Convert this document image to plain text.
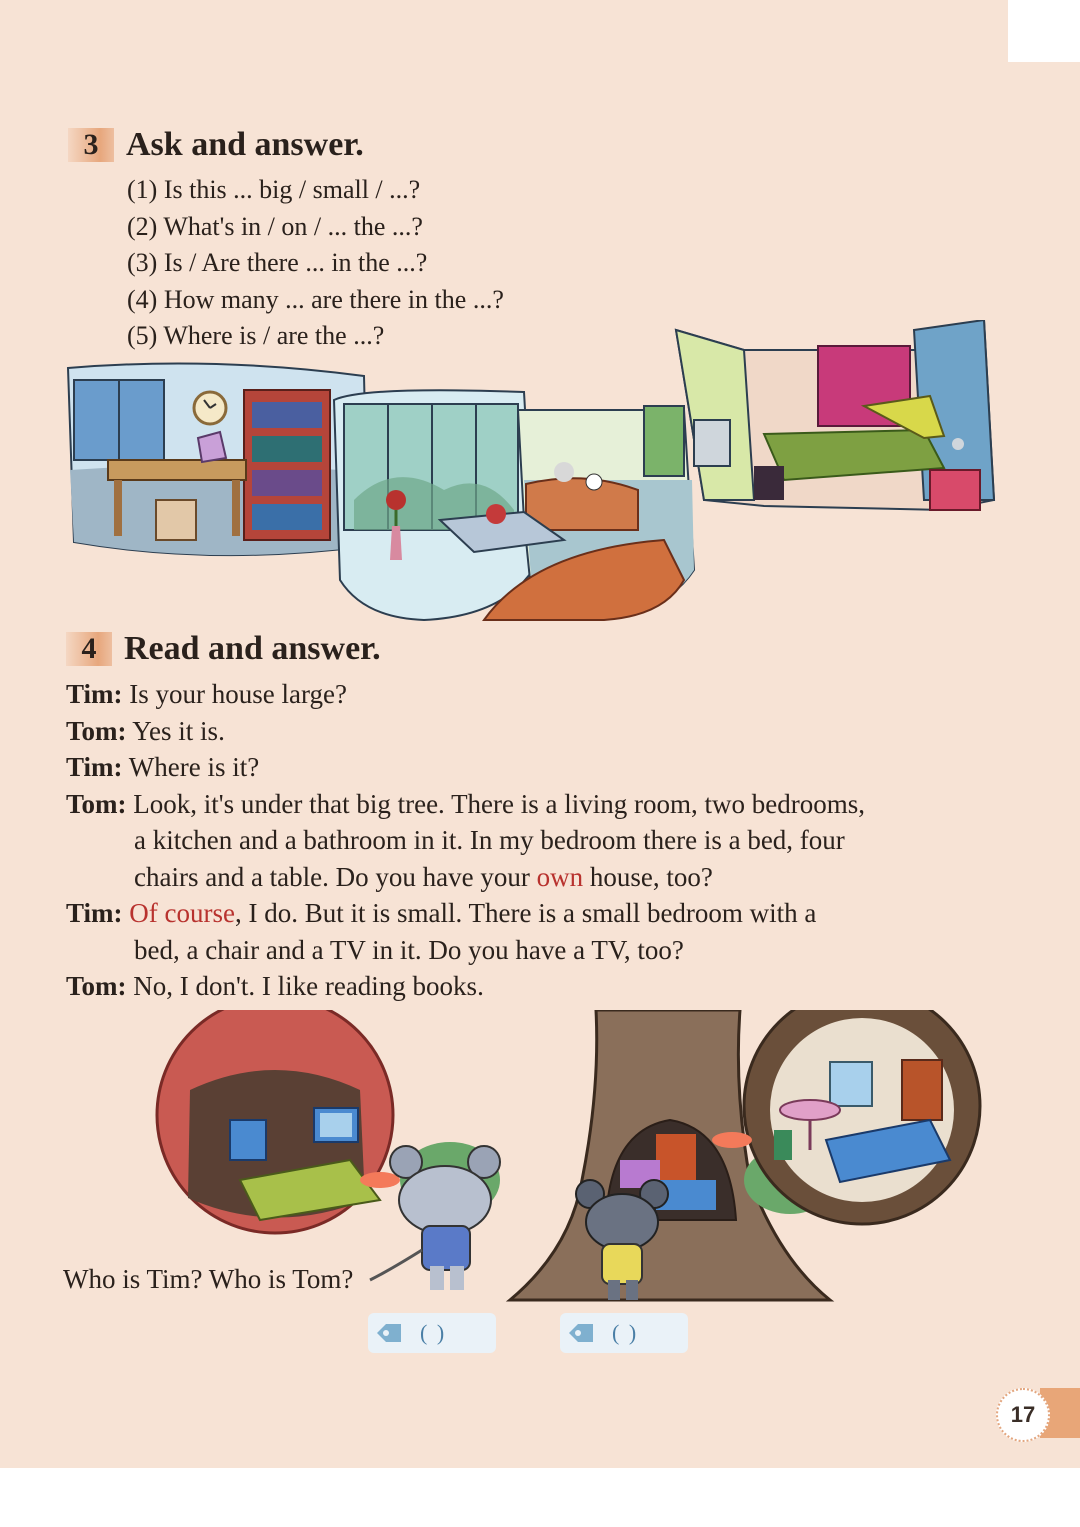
3 Ask and answer.
(1) Is this ... big / small / ...?
(2) What's in / on / ... the ...?
(3) Is / Are there ... in the ...?
(4) How many ... are there in the ...?
(5) Where is / are the ...?
4 Read and answer.
Tim: Is your house large?
Tom: Yes it is.
Tim: Where is it?
Tom: Look, it's under that big tree. There is a living room, two bedrooms,
a kitchen and a bathroom in it. In my bedroom there is a bed, four
chairs and a table. Do you have your own house, too?
Tim: Of course, I do. But it is small. There is a small bedroom with a
bed, a chair and a TV in it. Do you have a TV, too?
Tom: No, I don't. I like reading books.
Who is Tim? Who is Tom?
( )	( )
17
